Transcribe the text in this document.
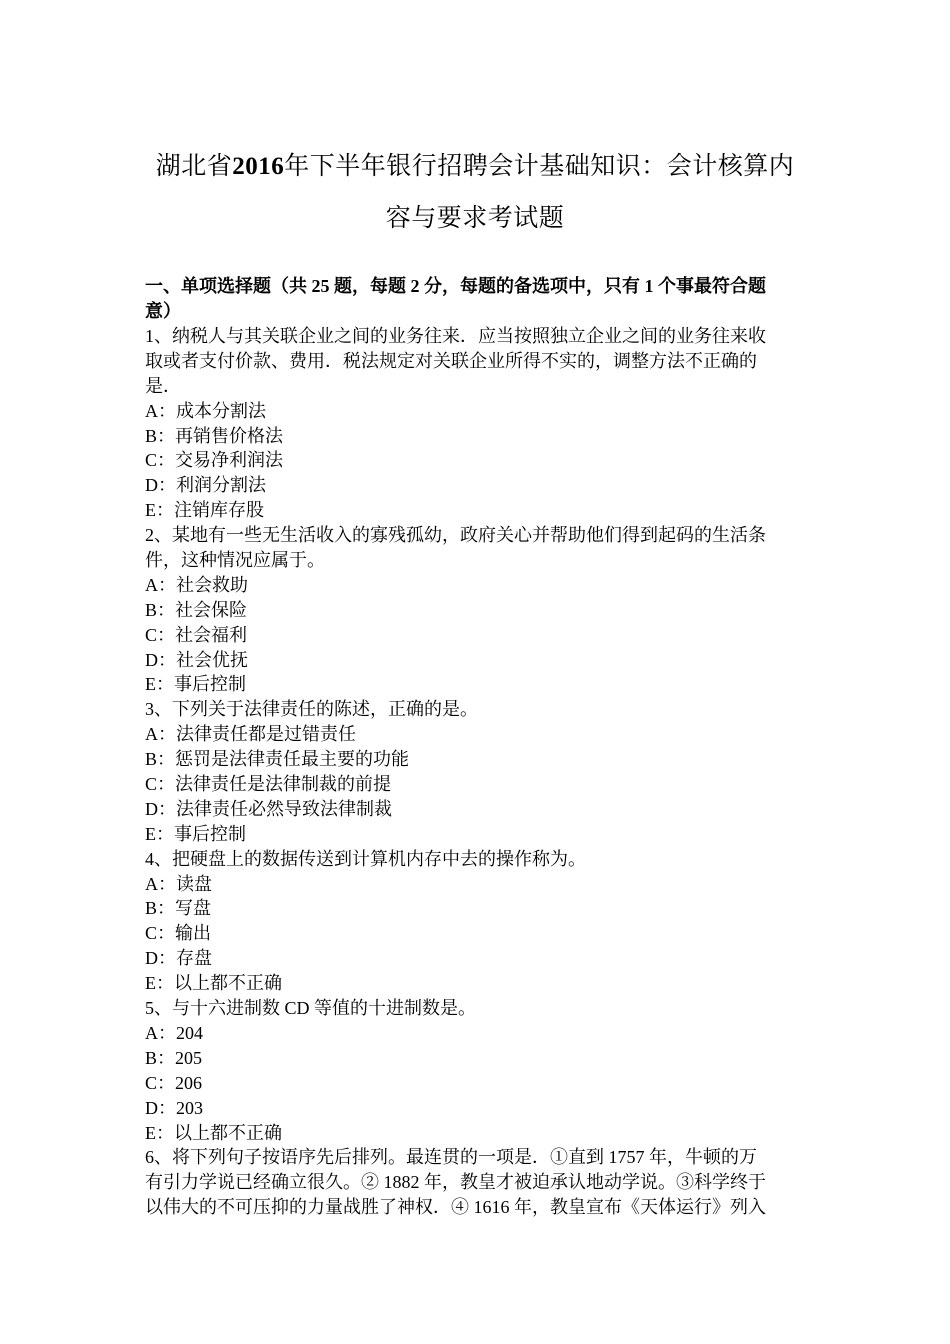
湖北省2016年下半年银行招聘会计基础知识：会计核算内
容与要求考试题
一、单项选择题（共 25 题，每题 2 分，每题的备选项中，只有 1 个事最符合题
意）
1、纳税人与其关联企业之间的业务往来．应当按照独立企业之间的业务往来收
取或者支付价款、费用．税法规定对关联企业所得不实的，调整方法不正确的
是．
A：成本分割法
B：再销售价格法
C：交易净利润法
D：利润分割法
E：注销库存股
2、某地有一些无生活收入的寡残孤幼，政府关心并帮助他们得到起码的生活条
件，这种情况应属于。
A：社会救助
B：社会保险
C：社会福利
D：社会优抚
E：事后控制
3、下列关于法律责任的陈述，正确的是。
A：法律责任都是过错责任
B：惩罚是法律责任最主要的功能
C：法律责任是法律制裁的前提
D：法律责任必然导致法律制裁
E：事后控制
4、把硬盘上的数据传送到计算机内存中去的操作称为。
A：读盘
B：写盘
C：输出
D：存盘
E：以上都不正确
5、与十六进制数 CD 等值的十进制数是。
A：204
B：205
C：206
D：203
E：以上都不正确
6、将下列句子按语序先后排列。最连贯的一项是．①直到 1757 年，牛顿的万
有引力学说已经确立很久。② 1882 年，教皇才被迫承认地动学说。③科学终于
以伟大的不可压抑的力量战胜了神权．④ 1616 年，教皇宣布《天体运行》列入
